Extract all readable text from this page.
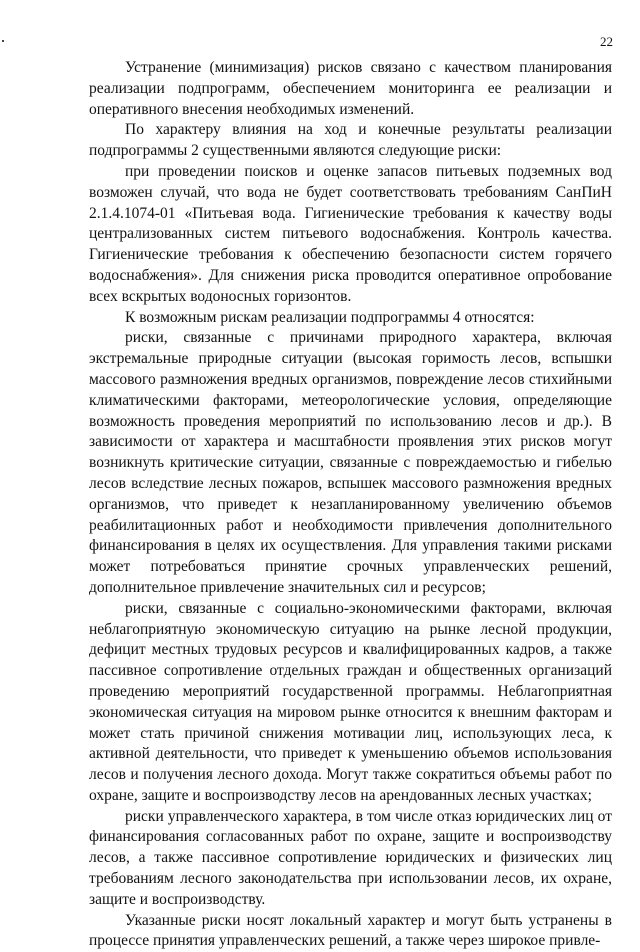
22

Устранение (минимизация) рисков связано с качеством планирования реализации подпрограмм, обеспечением мониторинга ее реализации и оперативного внесения необходимых изменений.

По характеру влияния на ход и конечные результаты реализации подпрограммы 2 существенными являются следующие риски:

при проведении поисков и оценке запасов питьевых подземных вод возможен случай, что вода не будет соответствовать требованиям СанПиН 2.1.4.1074-01 «Питьевая вода. Гигиенические требования к качеству воды централизованных систем питьевого водоснабжения. Контроль качества. Гигиенические требования к обеспечению безопасности систем горячего водоснабжения». Для снижения риска проводится оперативное опробование всех вскрытых водоносных горизонтов.

К возможным рискам реализации подпрограммы 4 относятся:

риски, связанные с причинами природного характера, включая экстремальные природные ситуации (высокая горимость лесов, вспышки массового размножения вредных организмов, повреждение лесов стихийными климатическими факторами, метеорологические условия, определяющие возможность проведения мероприятий по использованию лесов и др.). В зависимости от характера и масштабности проявления этих рисков могут возникнуть критические ситуации, связанные с повреждаемостью и гибелью лесов вследствие лесных пожаров, вспышек массового размножения вредных организмов, что приведет к незапланированному увеличению объемов реабилитационных работ и необходимости привлечения дополнительного финансирования в целях их осуществления. Для управления такими рисками может потребоваться принятие срочных управленческих решений, дополнительное привлечение значительных сил и ресурсов;

риски, связанные с социально-экономическими факторами, включая неблагоприятную экономическую ситуацию на рынке лесной продукции, дефицит местных трудовых ресурсов и квалифицированных кадров, а также пассивное сопротивление отдельных граждан и общественных организаций проведению мероприятий государственной программы. Неблагоприятная экономическая ситуация на мировом рынке относится к внешним факторам и может стать причиной снижения мотивации лиц, использующих леса, к активной деятельности, что приведет к уменьшению объемов использования лесов и получения лесного дохода. Могут также сократиться объемы работ по охране, защите и воспроизводству лесов на арендованных лесных участках;

риски управленческого характера, в том числе отказ юридических лиц от финансирования согласованных работ по охране, защите и воспроизводству лесов, а также пассивное сопротивление юридических и физических лиц требованиям лесного законодательства при использовании лесов, их охране, защите и воспроизводству.

Указанные риски носят локальный характер и могут быть устранены в процессе принятия управленческих решений, а также через широкое привле-
